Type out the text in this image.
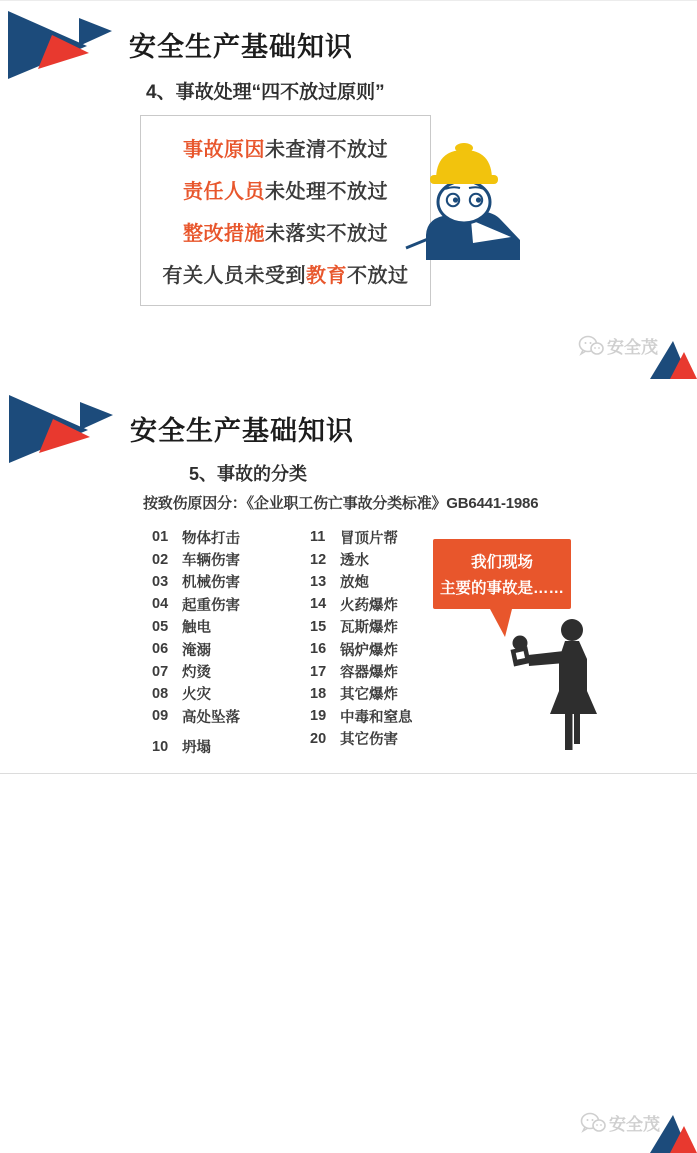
安全生产基础知识
4、事故处理“四不放过原则”

事故原因未查清不放过

责任人员未处理不放过

整改措施未落实不放过

有关人员未受到教育不放过

安全茂
安全生产基础知识
5、事故的分类

按致伤原因分：《企业职工伤亡事故分类标准》GB6441-1986

01 物体打击
02 车辆伤害
03 机械伤害
04 起重伤害
05 触电
06 淹溺
07 灼烫
08 火灾
09 高处坠落
10 坍塌
11	冒顶片帮
12 透水
13 放炮
14 火药爆炸
15 瓦斯爆炸
16 锅炉爆炸
17 容器爆炸
18 其它爆炸
19 中毒和窒息
20 其它伤害
我们现场
主要的事故是……
安全茂
